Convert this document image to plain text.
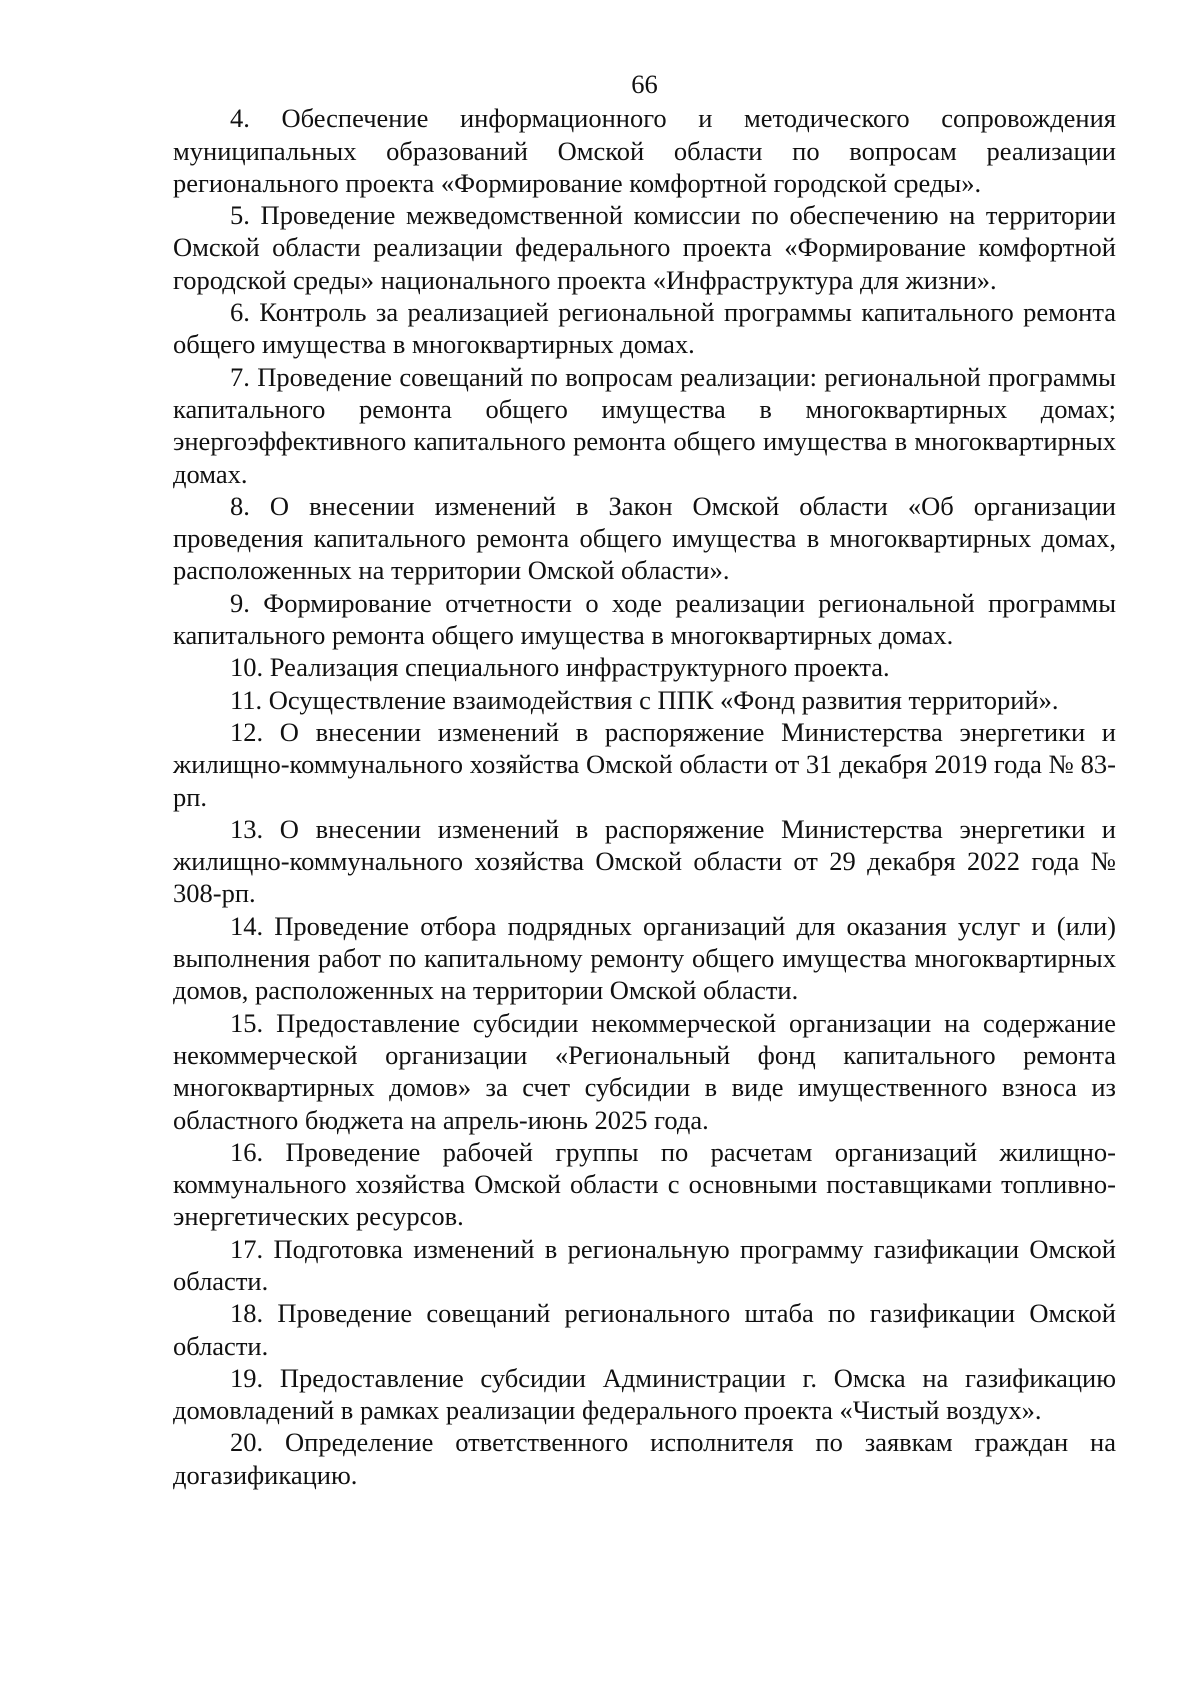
66

4. Обеспечение информационного и методического сопровождения муниципальных образований Омской области по вопросам реализации регионального проекта «Формирование комфортной городской среды».

5. Проведение межведомственной комиссии по обеспечению на территории Омской области реализации федерального проекта «Формирование комфортной городской среды» национального проекта «Инфраструктура для жизни».

6. Контроль за реализацией региональной программы капитального ремонта общего имущества в многоквартирных домах.

7. Проведение совещаний по вопросам реализации: региональной программы капитального ремонта общего имущества в многоквартирных домах; энергоэффективного капитального ремонта общего имущества в многоквартирных домах.

8. О внесении изменений в Закон Омской области «Об организации проведения капитального ремонта общего имущества в многоквартирных домах, расположенных на территории Омской области».

9. Формирование отчетности о ходе реализации региональной программы капитального ремонта общего имущества в многоквартирных домах.

10. Реализация специального инфраструктурного проекта.

11. Осуществление взаимодействия с ППК «Фонд развития территорий».

12. О внесении изменений в распоряжение Министерства энергетики и жилищно-коммунального хозяйства Омской области от 31 декабря 2019 года № 83-рп.

13. О внесении изменений в распоряжение Министерства энергетики и жилищно-коммунального хозяйства Омской области от 29 декабря 2022 года № 308-рп.

14. Проведение отбора подрядных организаций для оказания услуг и (или) выполнения работ по капитальному ремонту общего имущества многоквартирных домов, расположенных на территории Омской области.

15. Предоставление субсидии некоммерческой организации на содержание некоммерческой организации «Региональный фонд капитального ремонта многоквартирных домов» за счет субсидии в виде имущественного взноса из областного бюджета на апрель-июнь 2025 года.

16. Проведение рабочей группы по расчетам организаций жилищно-коммунального хозяйства Омской области с основными поставщиками топливно-энергетических ресурсов.

17. Подготовка изменений в региональную программу газификации Омской области.

18. Проведение совещаний регионального штаба по газификации Омской области.

19. Предоставление субсидии Администрации г. Омска на газификацию домовладений в рамках реализации федерального проекта «Чистый воздух».

20. Определение ответственного исполнителя по заявкам граждан на догазификацию.
